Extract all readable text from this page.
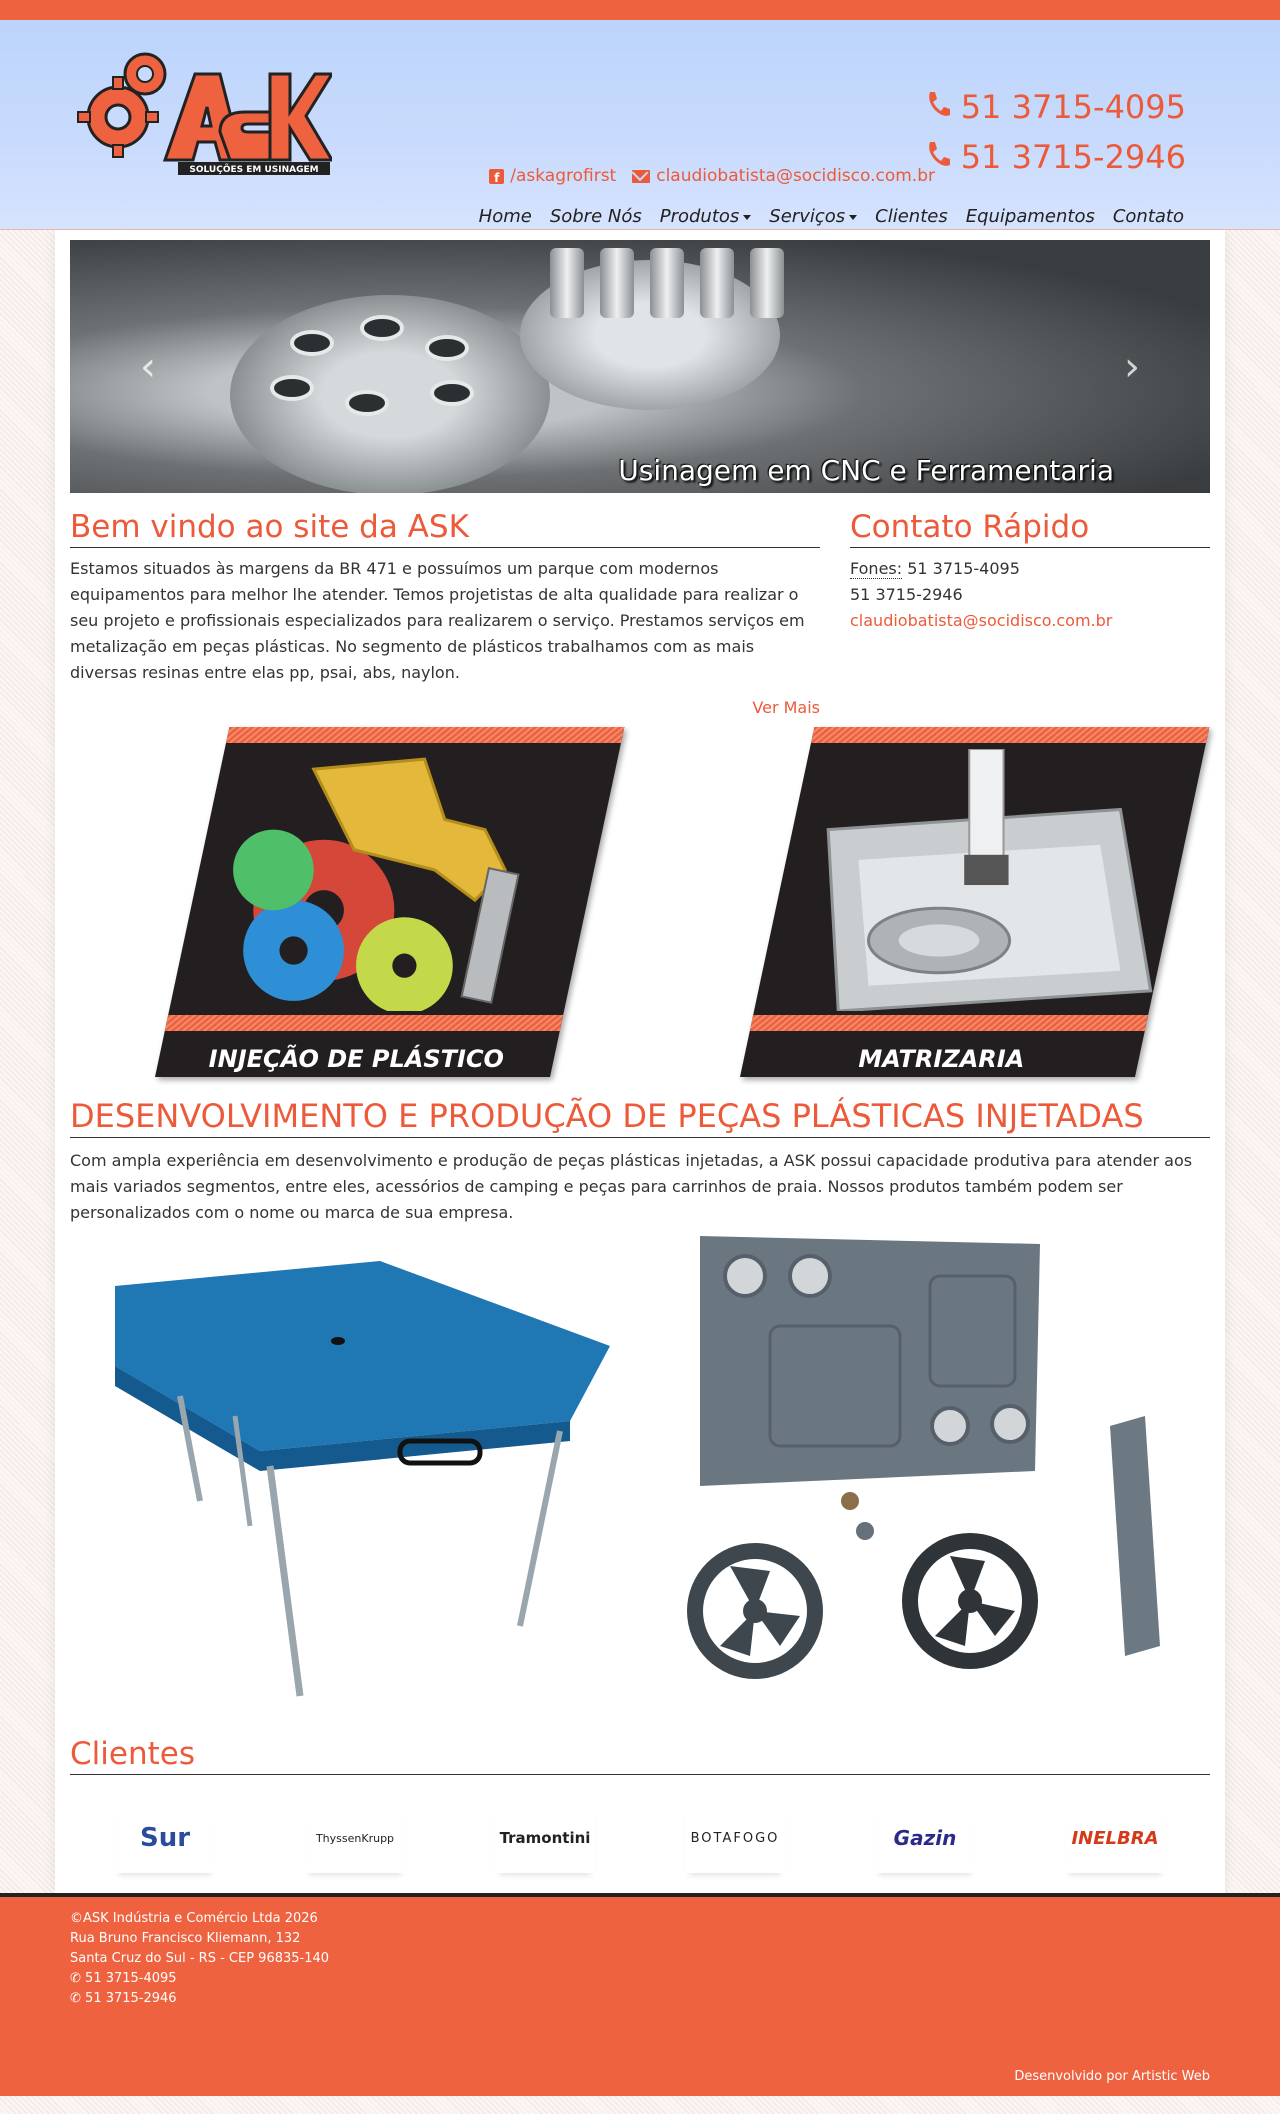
SOLUÇÕES EM USINAGEM
51 3715-4095
51 3715-2946
f /askagrofirst claudiobatista@socidisco.com.br
Home Sobre Nós Produtos	Serviços	Clientes Equipamentos Contato
‹	›
Usinagem em CNC e Ferramentaria
Bem vindo ao site da ASK

Estamos situados às margens da BR 471 e possuímos um parque com modernos equipamentos para melhor lhe atender. Temos projetistas de alta qualidade para realizar o seu projeto e profissionais especializados para realizarem o serviço. Prestamos serviços em metalização em peças plásticas. No segmento de plásticos trabalhamos com as mais diversas resinas entre elas pp, psai, abs, naylon.

Ver Mais
Contato Rápido

Fones: 51 3715-4095

51 3715-2946

claudiobatista@socidisco.com.br

INJEÇÃO DE PLÁSTICO	MATRIZARIA
DESENVOLVIMENTO E PRODUÇÃO DE PEÇAS PLÁSTICAS INJETADAS

Com ampla experiência em desenvolvimento e produção de peças plásticas injetadas, a ASK possui capacidade produtiva para atender aos mais variados segmentos, entre eles, acessórios de camping e peças para carrinhos de praia. Nossos produtos também podem ser personalizados com o nome ou marca de sua empresa.

Clientes
Sur	ThyssenKrupp	Tramontini	BOTAFOGO	Gazin	INELBRA
©ASK Indústria e Comércio Ltda 2026
Rua Bruno Francisco Kliemann, 132
Santa Cruz do Sul - RS - CEP 96835-140
✆ 51 3715-4095
✆ 51 3715-2946
Desenvolvido por Artistic Web
